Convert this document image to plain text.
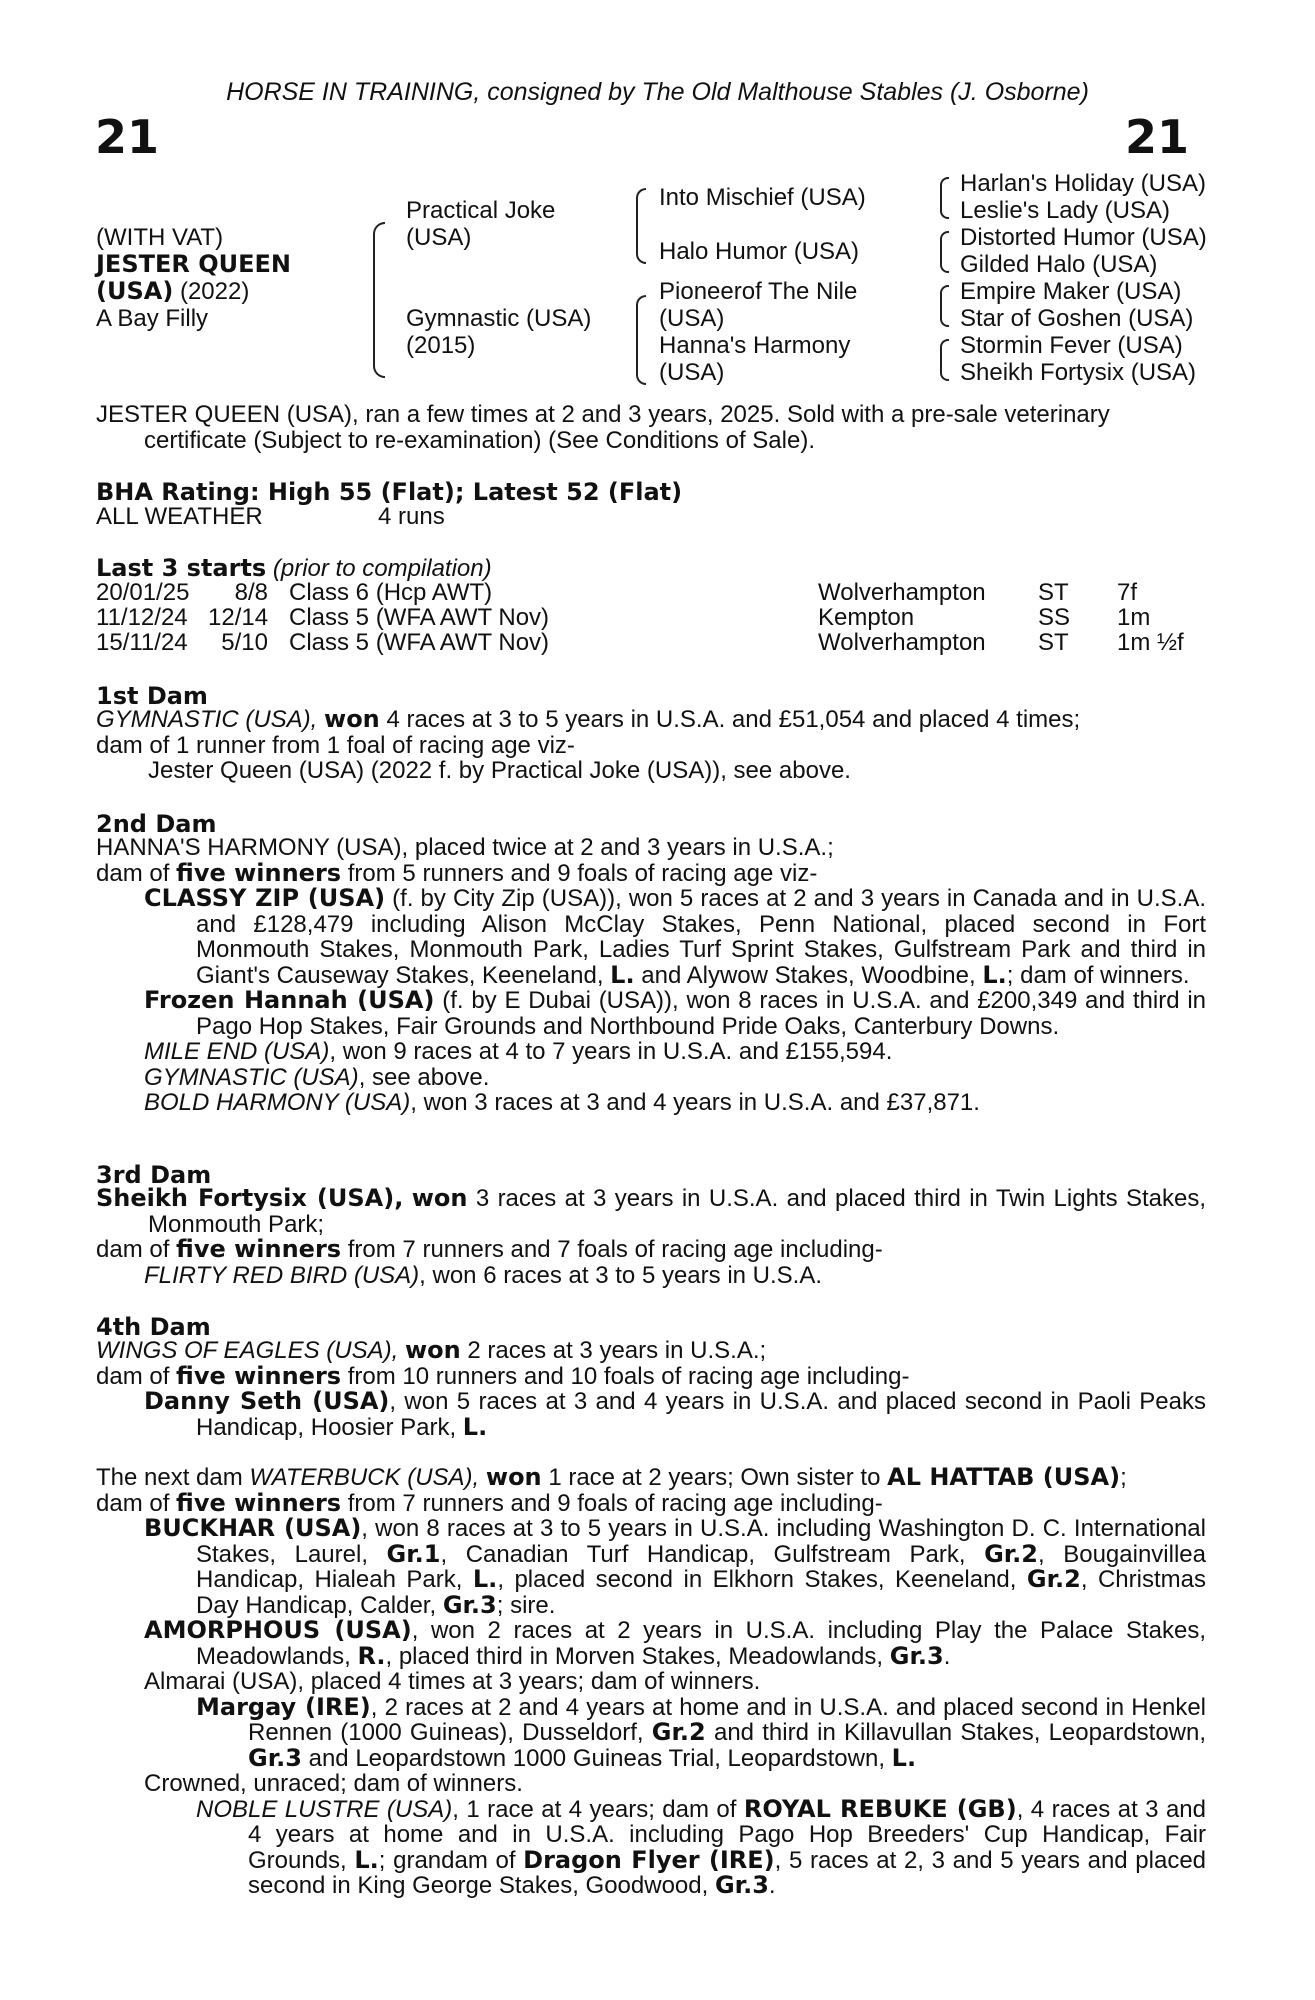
HORSE IN TRAINING, consigned by The Old Malthouse Stables (J. Osborne)
21	21
(WITH VAT)
JESTER QUEEN
(USA) (2022)
A Bay Filly
Practical Joke
(USA)
Gymnastic (USA)
(2015)
Into Mischief (USA)
Halo Humor (USA)
Pioneerof The Nile
(USA)
Hanna's Harmony
(USA)
Harlan's Holiday (USA)
Leslie's Lady (USA)
Distorted Humor (USA)
Gilded Halo (USA)
Empire Maker (USA)
Star of Goshen (USA)
Stormin Fever (USA)
Sheikh Fortysix (USA)
JESTER QUEEN (USA), ran a few times at 2 and 3 years, 2025. Sold with a pre-sale veterinary
certificate (Subject to re-examination) (See Conditions of Sale).
BHA Rating: High 55 (Flat); Latest 52 (Flat)
ALL WEATHER	4 runs
Last 3 starts (prior to compilation)
20/01/25	8/8 Class 6 (Hcp AWT)	Wolverhampton ST 7f
11/12/24 12/14 Class 5 (WFA AWT Nov)	Kempton	SS 1m
15/11/24	5/10 Class 5 (WFA AWT Nov)	Wolverhampton ST 1m ½f
1st Dam
GYMNASTIC (USA), won 4 races at 3 to 5 years in U.S.A. and £51,054 and placed 4 times;
dam of 1 runner from 1 foal of racing age viz-
Jester Queen (USA) (2022 f. by Practical Joke (USA)), see above.
2nd Dam
HANNA'S HARMONY (USA), placed twice at 2 and 3 years in U.S.A.;
dam of five winners from 5 runners and 9 foals of racing age viz-
CLASSY ZIP (USA) (f. by City Zip (USA)), won 5 races at 2 and 3 years in Canada and in U.S.A. and £128,479 including Alison McClay Stakes, Penn National, placed second in Fort Monmouth Stakes, Monmouth Park, Ladies Turf Sprint Stakes, Gulfstream Park and third in Giant's Causeway Stakes, Keeneland, L. and Alywow Stakes, Woodbine, L.; dam of winners.
Frozen Hannah (USA) (f. by E Dubai (USA)), won 8 races in U.S.A. and £200,349 and third in Pago Hop Stakes, Fair Grounds and Northbound Pride Oaks, Canterbury Downs.
MILE END (USA), won 9 races at 4 to 7 years in U.S.A. and £155,594.
GYMNASTIC (USA), see above.
BOLD HARMONY (USA), won 3 races at 3 and 4 years in U.S.A. and £37,871.
3rd Dam
Sheikh Fortysix (USA), won 3 races at 3 years in U.S.A. and placed third in Twin Lights Stakes, Monmouth Park;
dam of five winners from 7 runners and 7 foals of racing age including-
FLIRTY RED BIRD (USA), won 6 races at 3 to 5 years in U.S.A.
4th Dam
WINGS OF EAGLES (USA), won 2 races at 3 years in U.S.A.;
dam of five winners from 10 runners and 10 foals of racing age including-
Danny Seth (USA), won 5 races at 3 and 4 years in U.S.A. and placed second in Paoli Peaks Handicap, Hoosier Park, L.
The next dam WATERBUCK (USA), won 1 race at 2 years; Own sister to AL HATTAB (USA);
dam of five winners from 7 runners and 9 foals of racing age including-
BUCKHAR (USA), won 8 races at 3 to 5 years in U.S.A. including Washington D. C. International Stakes, Laurel, Gr.1, Canadian Turf Handicap, Gulfstream Park, Gr.2, Bougainvillea Handicap, Hialeah Park, L., placed second in Elkhorn Stakes, Keeneland, Gr.2, Christmas Day Handicap, Calder, Gr.3; sire.
AMORPHOUS (USA), won 2 races at 2 years in U.S.A. including Play the Palace Stakes, Meadowlands, R., placed third in Morven Stakes, Meadowlands, Gr.3.
Almarai (USA), placed 4 times at 3 years; dam of winners.
Margay (IRE), 2 races at 2 and 4 years at home and in U.S.A. and placed second in Henkel Rennen (1000 Guineas), Dusseldorf, Gr.2 and third in Killavullan Stakes, Leopardstown, Gr.3 and Leopardstown 1000 Guineas Trial, Leopardstown, L.
Crowned, unraced; dam of winners.
NOBLE LUSTRE (USA), 1 race at 4 years; dam of ROYAL REBUKE (GB), 4 races at 3 and 4 years at home and in U.S.A. including Pago Hop Breeders' Cup Handicap, Fair Grounds, L.; grandam of Dragon Flyer (IRE), 5 races at 2, 3 and 5 years and placed second in King George Stakes, Goodwood, Gr.3.
